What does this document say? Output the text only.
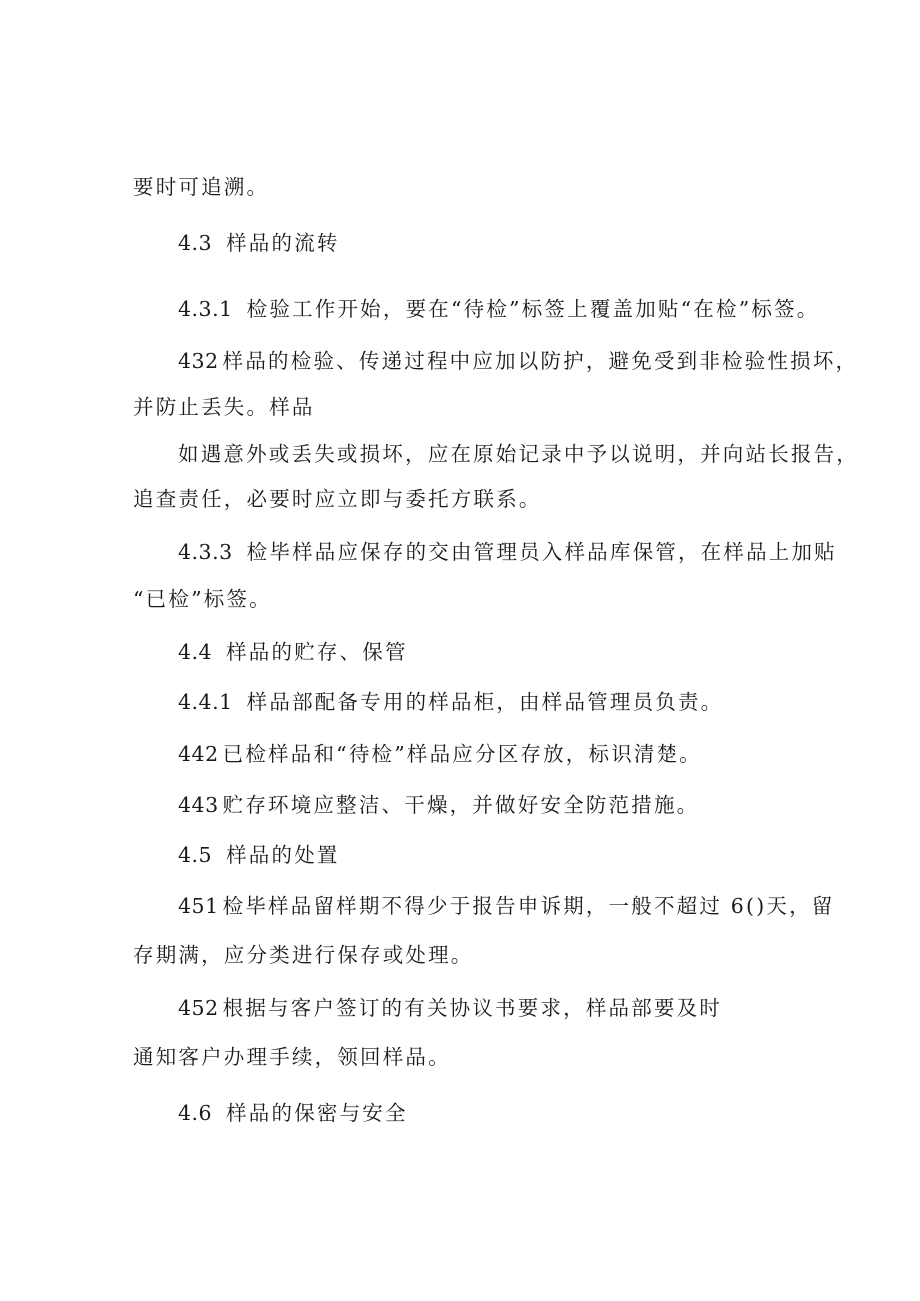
要时可追溯。
4.3 样品的流转
4.3.1 检验工作开始，要在“待检”标签上覆盖加贴“在检”标签。
432 样品的检验、传递过程中应加以防护，避免受到非检验性损坏，
并防止丢失。样品
如遇意外或丢失或损坏，应在原始记录中予以说明，并向站长报告，
追查责任，必要时应立即与委托方联系。
4.3.3 检毕样品应保存的交由管理员入样品库保管，在样品上加贴
“已检”标签。
4.4 样品的贮存、保管
4.4.1 样品部配备专用的样品柜，由样品管理员负责。
442 已检样品和“待检”样品应分区存放，标识清楚。
443 贮存环境应整洁、干燥，并做好安全防范措施。
4.5 样品的处置
451 检毕样品留样期不得少于报告申诉期，一般不超过 6()天，留
存期满，应分类进行保存或处理。
452 根据与客户签订的有关协议书要求，样品部要及时
通知客户办理手续，领回样品。
4.6 样品的保密与安全
